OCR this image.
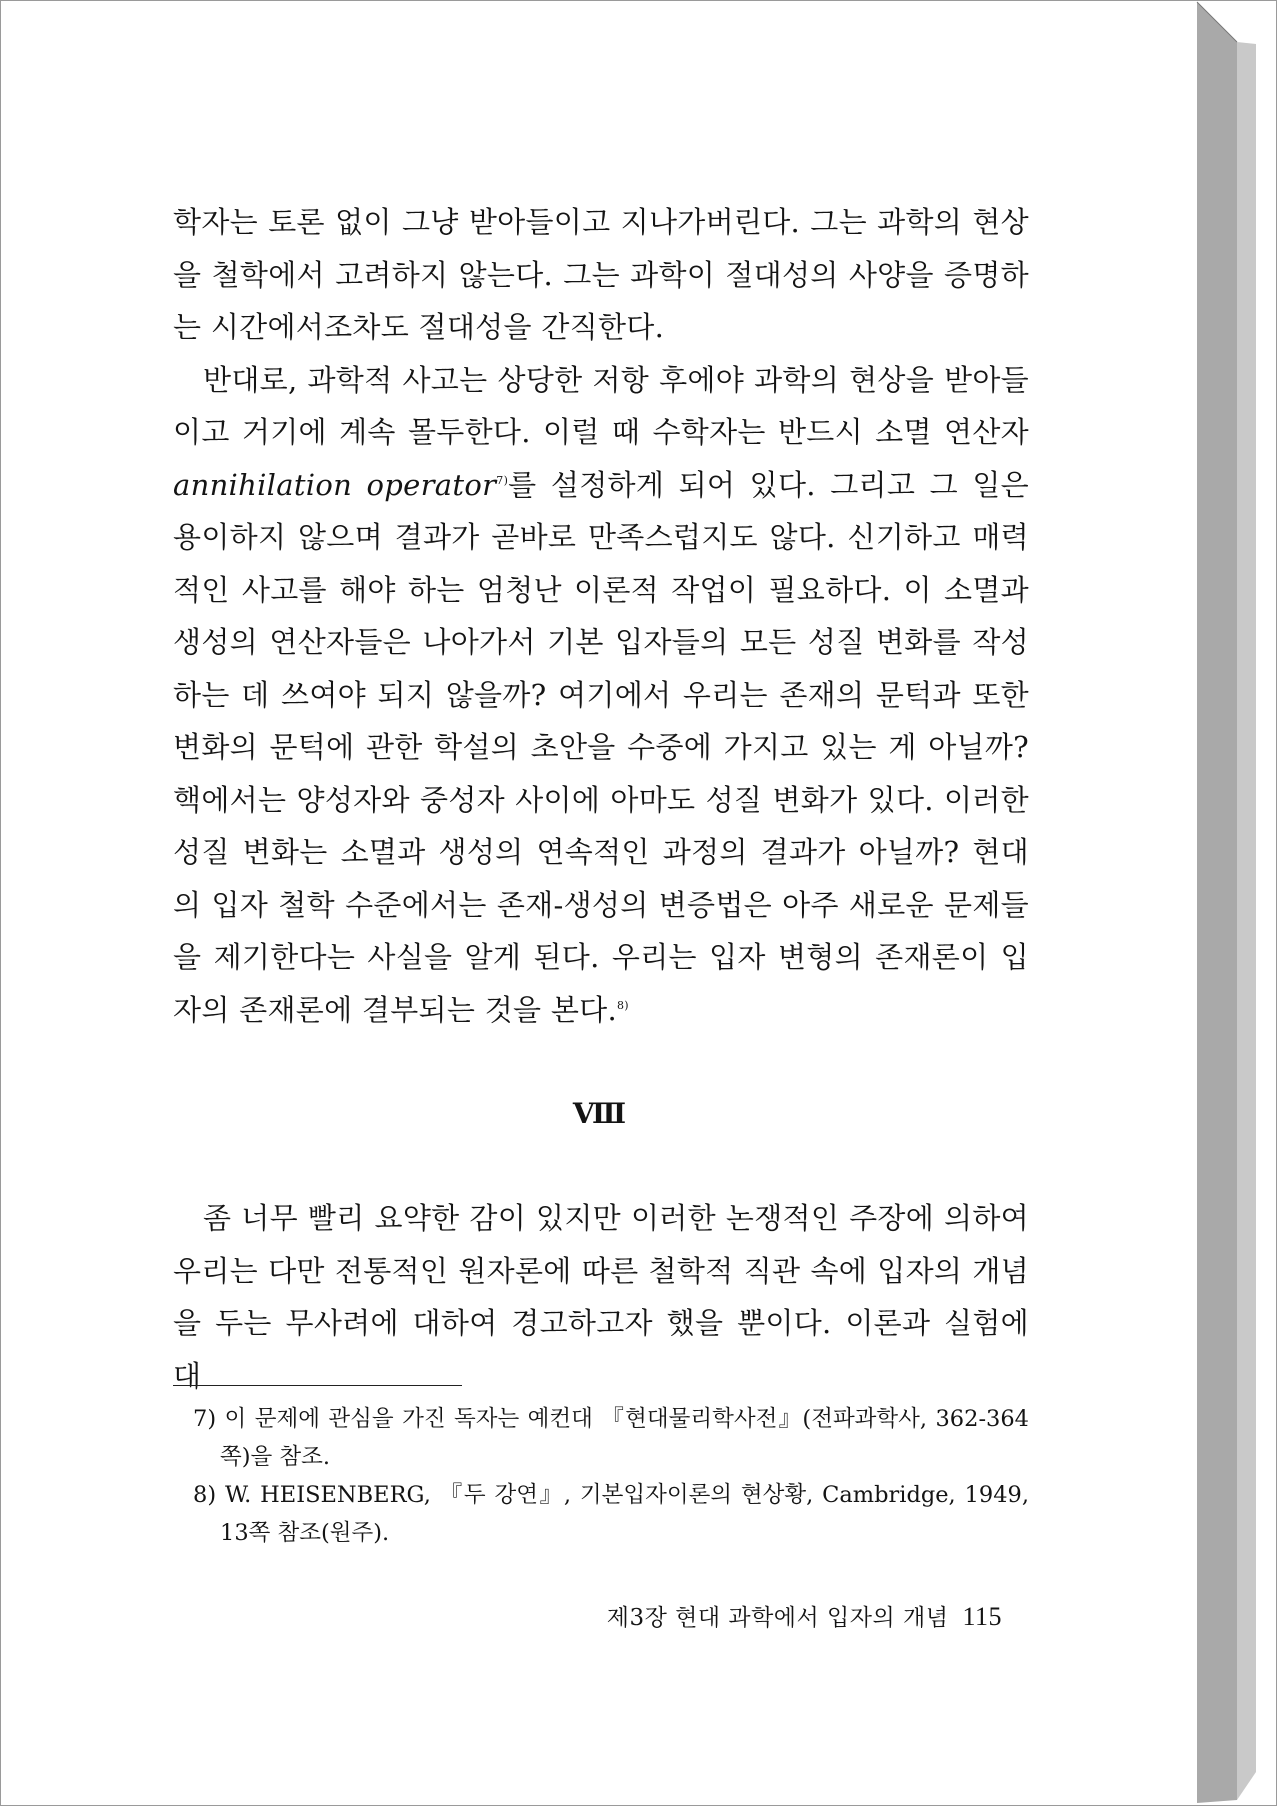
학자는 토론 없이 그냥 받아들이고 지나가버린다. 그는 과학의 현상을 철학에서 고려하지 않는다. 그는 과학이 절대성의 사양을 증명하는 시간에서조차도 절대성을 간직한다.

반대로, 과학적 사고는 상당한 저항 후에야 과학의 현상을 받아들이고 거기에 계속 몰두한다. 이럴 때 수학자는 반드시 소멸 연산자 annihilation operator$^{7)}$를 설정하게 되어 있다. 그리고 그 일은 용이하지 않으며 결과가 곧바로 만족스럽지도 않다. 신기하고 매력적인 사고를 해야 하는 엄청난 이론적 작업이 필요하다. 이 소멸과 생성의 연산자들은 나아가서 기본 입자들의 모든 성질 변화를 작성하는 데 쓰여야 되지 않을까? 여기에서 우리는 존재의 문턱과 또한 변화의 문턱에 관한 학설의 초안을 수중에 가지고 있는 게 아닐까? 핵에서는 양성자와 중성자 사이에 아마도 성질 변화가 있다. 이러한 성질 변화는 소멸과 생성의 연속적인 과정의 결과가 아닐까? 현대의 입자 철학 수준에서는 존재-생성의 변증법은 아주 새로운 문제들을 제기한다는 사실을 알게 된다. 우리는 입자 변형의 존재론이 입자의 존재론에 결부되는 것을 본다.$^{8)}$

Ⅷ

좀 너무 빨리 요약한 감이 있지만 이러한 논쟁적인 주장에 의하여 우리는 다만 전통적인 원자론에 따른 철학적 직관 속에 입자의 개념을 두는 무사려에 대하여 경고하고자 했을 뿐이다. 이론과 실험에 대

7) 이 문제에 관심을 가진 독자는 예컨대 『현대물리학사전』(전파과학사, 362-364쪽)을 참조.

8) W. HEISENBERG, 『두 강연』, 기본입자이론의 현상황, Cambridge, 1949, 13쪽 참조(원주).

제3장 현대 과학에서 입자의 개념 115
